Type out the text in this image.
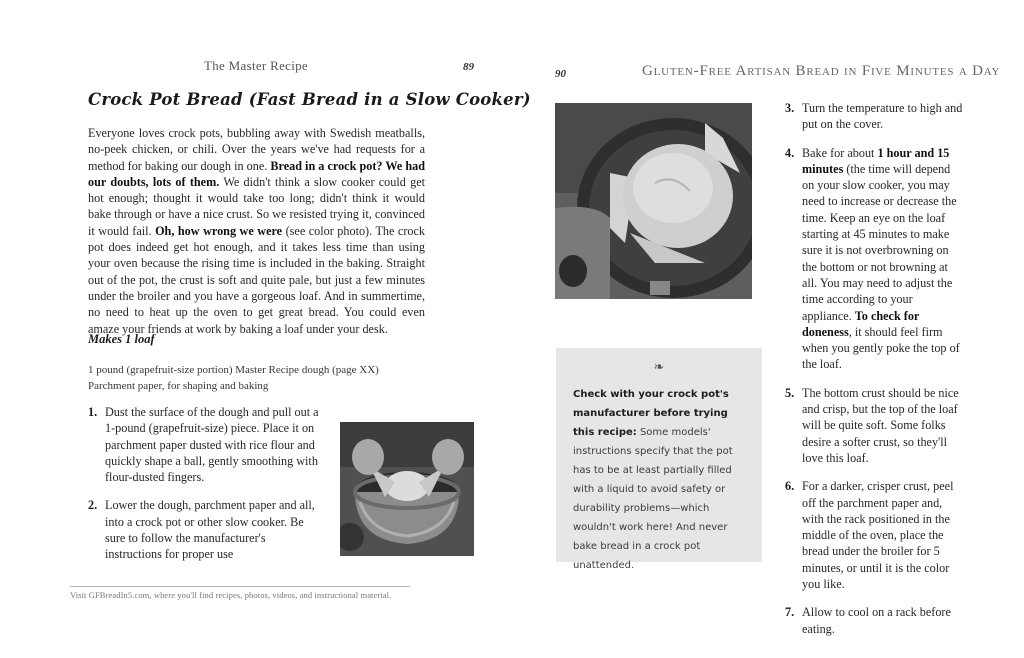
The Master Recipe	89
Crock Pot Bread (Fast Bread in a Slow Cooker)
Everyone loves crock pots, bubbling away with Swedish meatballs, no-peek chicken, or chili. Over the years we've had requests for a method for baking our dough in one. Bread in a crock pot? We had our doubts, lots of them. We didn't think a slow cooker could get hot enough; thought it would take too long; didn't think it would bake through or have a nice crust. So we resisted trying it, convinced it would fail. Oh, how wrong we were (see color photo). The crock pot does indeed get hot enough, and it takes less time than using your oven because the rising time is included in the baking. Straight out of the pot, the crust is soft and quite pale, but just a few minutes under the broiler and you have a gorgeous loaf. And in summertime, no need to heat up the oven to get great bread. You could even amaze your friends at work by baking a loaf under your desk.
Makes 1 loaf
1 pound (grapefruit-size portion) Master Recipe dough (page XX)
Parchment paper, for shaping and baking
1. Dust the surface of the dough and pull out a 1-pound (grapefruit-size) piece. Place it on parchment paper dusted with rice flour and quickly shape a ball, gently smoothing with flour-dusted fingers.
2. Lower the dough, parchment paper and all, into a crock pot or other slow cooker. Be sure to follow the manufacturer's instructions for proper use
Visit GFBreadIn5.com, where you'll find recipes, photos, videos, and instructional material.
90	Gluten-Free Artisan Bread in Five Minutes a Day
❧
Check with your crock pot's manufacturer before trying this recipe: Some models' instructions specify that the pot has to be at least partially filled with a liquid to avoid safety or durability problems—which wouldn't work here! And never bake bread in a crock pot unattended.
3. Turn the temperature to high and put on the cover.
4. Bake for about 1 hour and 15 minutes (the time will depend on your slow cooker, you may need to increase or decrease the time. Keep an eye on the loaf starting at 45 minutes to make sure it is not overbrowning on the bottom or not browning at all. You may need to adjust the time according to your appliance. To check for doneness, it should feel firm when you gently poke the top of the loaf.
5. The bottom crust should be nice and crisp, but the top of the loaf will be quite soft. Some folks desire a softer crust, so they'll love this loaf.
6. For a darker, crisper crust, peel off the parchment paper and, with the rack positioned in the middle of the oven, place the bread under the broiler for 5 minutes, or until it is the color you like.
7. Allow to cool on a rack before eating.
